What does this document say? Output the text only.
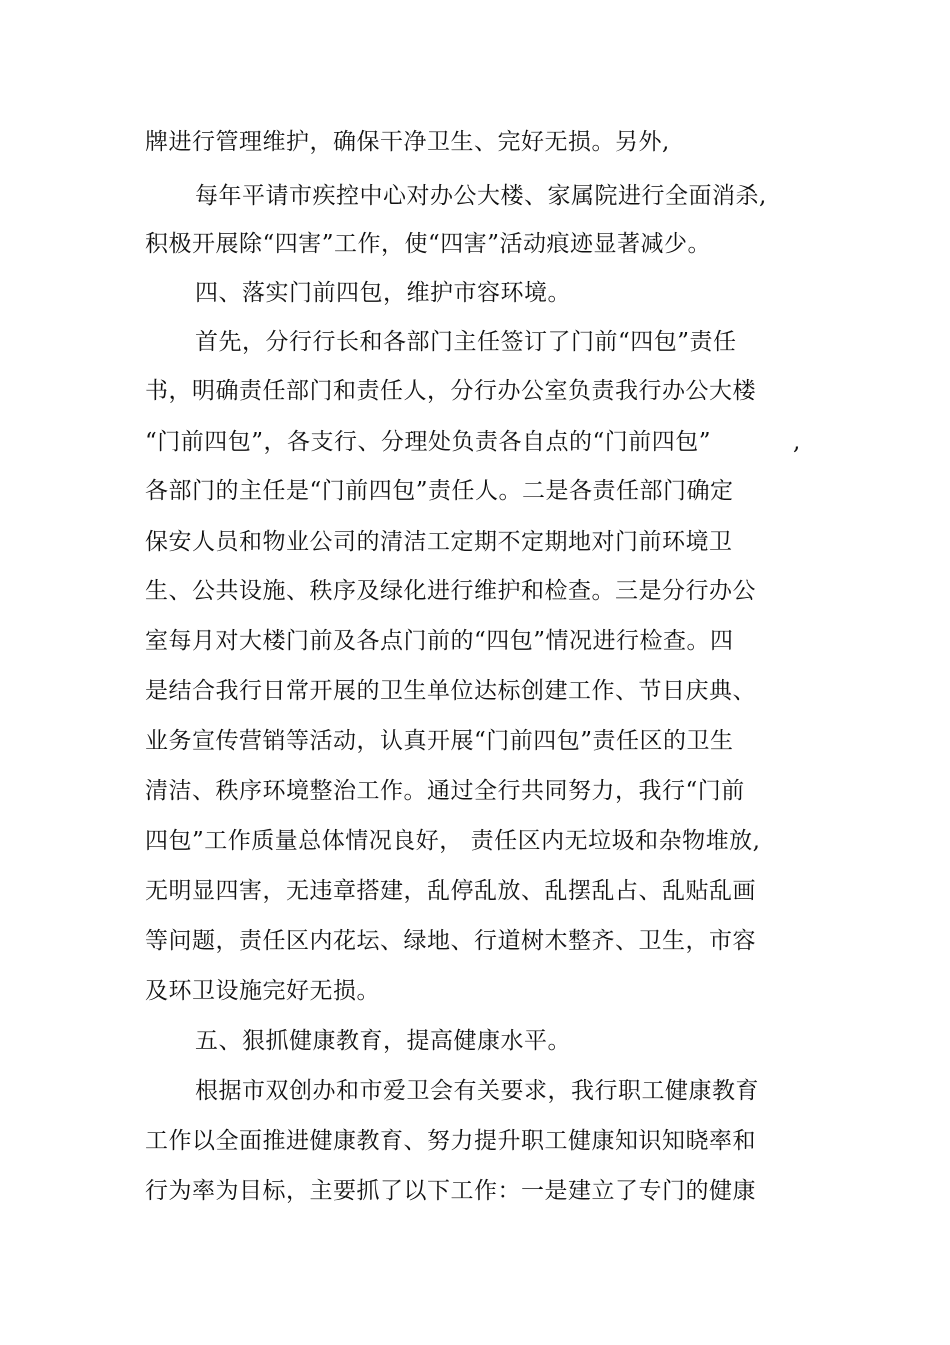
牌进行管理维护，确保干净卫生、完好无损。另外,
每年平请市疾控中心对办公大楼、家属院进行全面消杀,
积极开展除“四害”工作，使“四害”活动痕迹显著减少。
四、落实门前四包，维护市容环境。
首先，分行行长和各部门主任签订了门前“四包”责任
书，明确责任部门和责任人，分行办公室负责我行办公大楼
“门前四包”，各支行、分理处负责各自点的“门前四包”	,
各部门的主任是“门前四包”责任人。二是各责任部门确定
保安人员和物业公司的清洁工定期不定期地对门前环境卫
生、公共设施、秩序及绿化进行维护和检查。三是分行办公
室每月对大楼门前及各点门前的“四包”情况进行检查。四
是结合我行日常开展的卫生单位达标创建工作、节日庆典、
业务宣传营销等活动，认真开展“门前四包”责任区的卫生
清洁、秩序环境整治工作。通过全行共同努力，我行“门前
四包”工作质量总体情况良好， 责任区内无垃圾和杂物堆放,
无明显四害，无违章搭建，乱停乱放、乱摆乱占、乱贴乱画
等问题，责任区内花坛、绿地、行道树木整齐、卫生，市容
及环卫设施完好无损。
五、狠抓健康教育，提高健康水平。
根据市双创办和市爱卫会有关要求，我行职工健康教育
工作以全面推进健康教育、努力提升职工健康知识知晓率和
行为率为目标，主要抓了以下工作：一是建立了专门的健康
